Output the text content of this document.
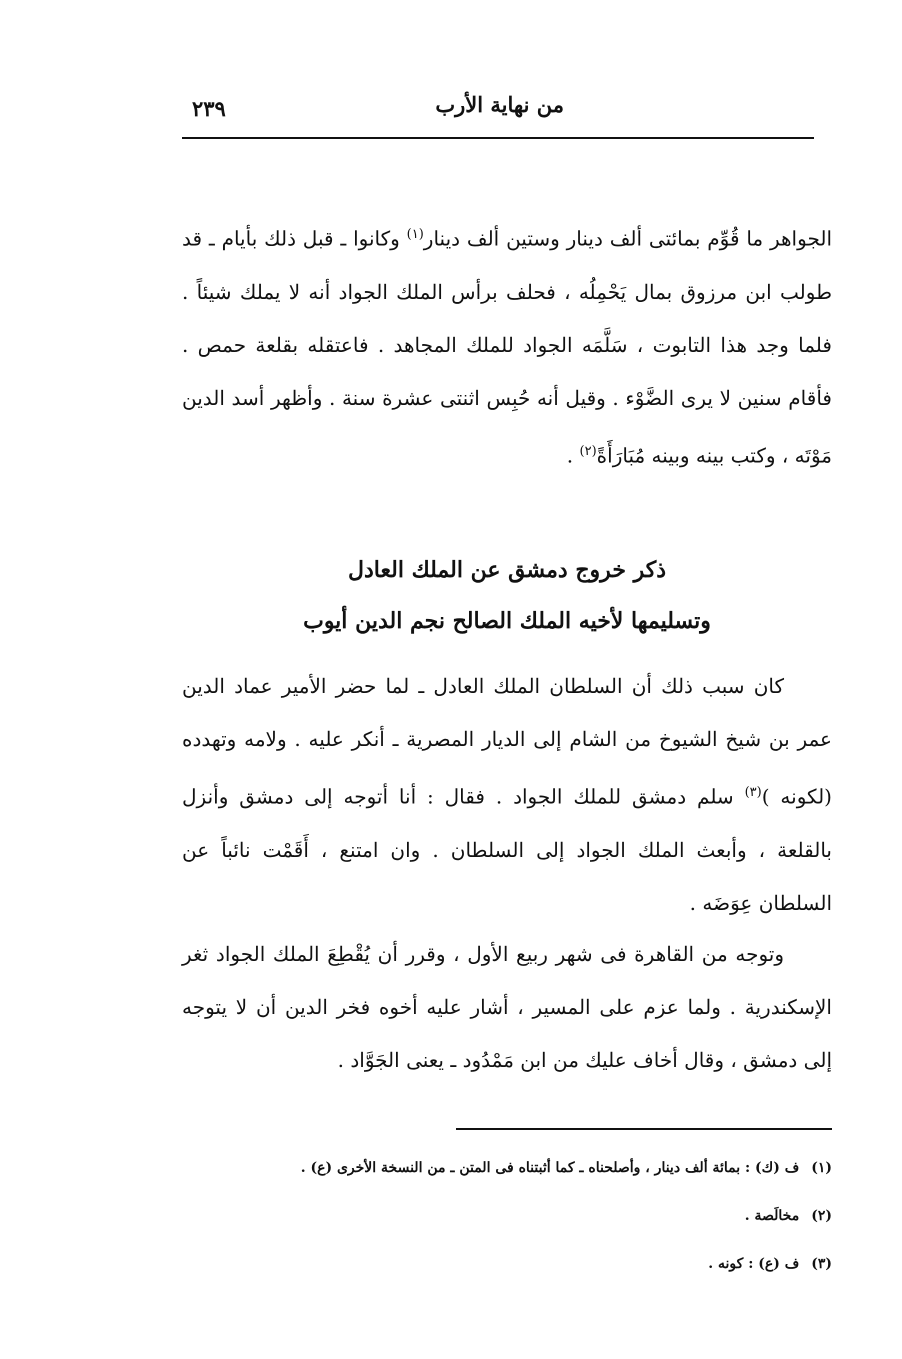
من نهاية الأرب
٢٣٩

الجواهر ما قُوِّم بمائتى ألف دينار وستين ألف دينار$^{(١)}$ وكانوا ـ قبل ذلك بأيام ـ قد طولب ابن مرزوق بمال يَحْمِلُه ، فحلف برأس الملك الجواد أنه لا يملك شيئاً . فلما وجد هذا التابوت ، سَلَّمَه الجواد للملك المجاهد . فاعتقله بقلعة حمص . فأقام سنين لا يرى الضَّوْء . وقيل أنه حُبِس اثنتى عشرة سنة . وأظهر أسد الدين مَوْتَه ، وكتب بينه وبينه مُبَارَأَةً$^{(٢)}$ .

ذكر خروج دمشق عن الملك العادل
وتسليمها لأخيه الملك الصالح نجم الدين أيوب

كان سبب ذلك أن السلطان الملك العادل ـ لما حضر الأمير عماد الدين عمر بن شيخ الشيوخ من الشام إلى الديار المصرية ـ أنكر عليه . ولامه وتهدده (لكونه )$^{(٣)}$ سلم دمشق للملك الجواد . فقال : أنا أتوجه إلى دمشق وأنزل بالقلعة ، وأبعث الملك الجواد إلى السلطان . وان امتنع ، أَقَمْت نائباً عن السلطان عِوَضَه .

وتوجه من القاهرة فى شهر ربيع الأول ، وقرر أن يُقْطِعَ الملك الجواد ثغر الإسكندرية . ولما عزم على المسير ، أشار عليه أخوه فخر الدين أن لا يتوجه إلى دمشق ، وقال أخاف عليك من ابن مَمْدُود ـ يعنى الجَوَّاد .

(١)ف (ك) : بمائة ألف دينار ، وأصلحناه ـ كما أثبتناه فى المتن ـ من النسخة الأخرى (ع) .
(٢)مخالَصة .
(٣)ف (ع) : كونه .
